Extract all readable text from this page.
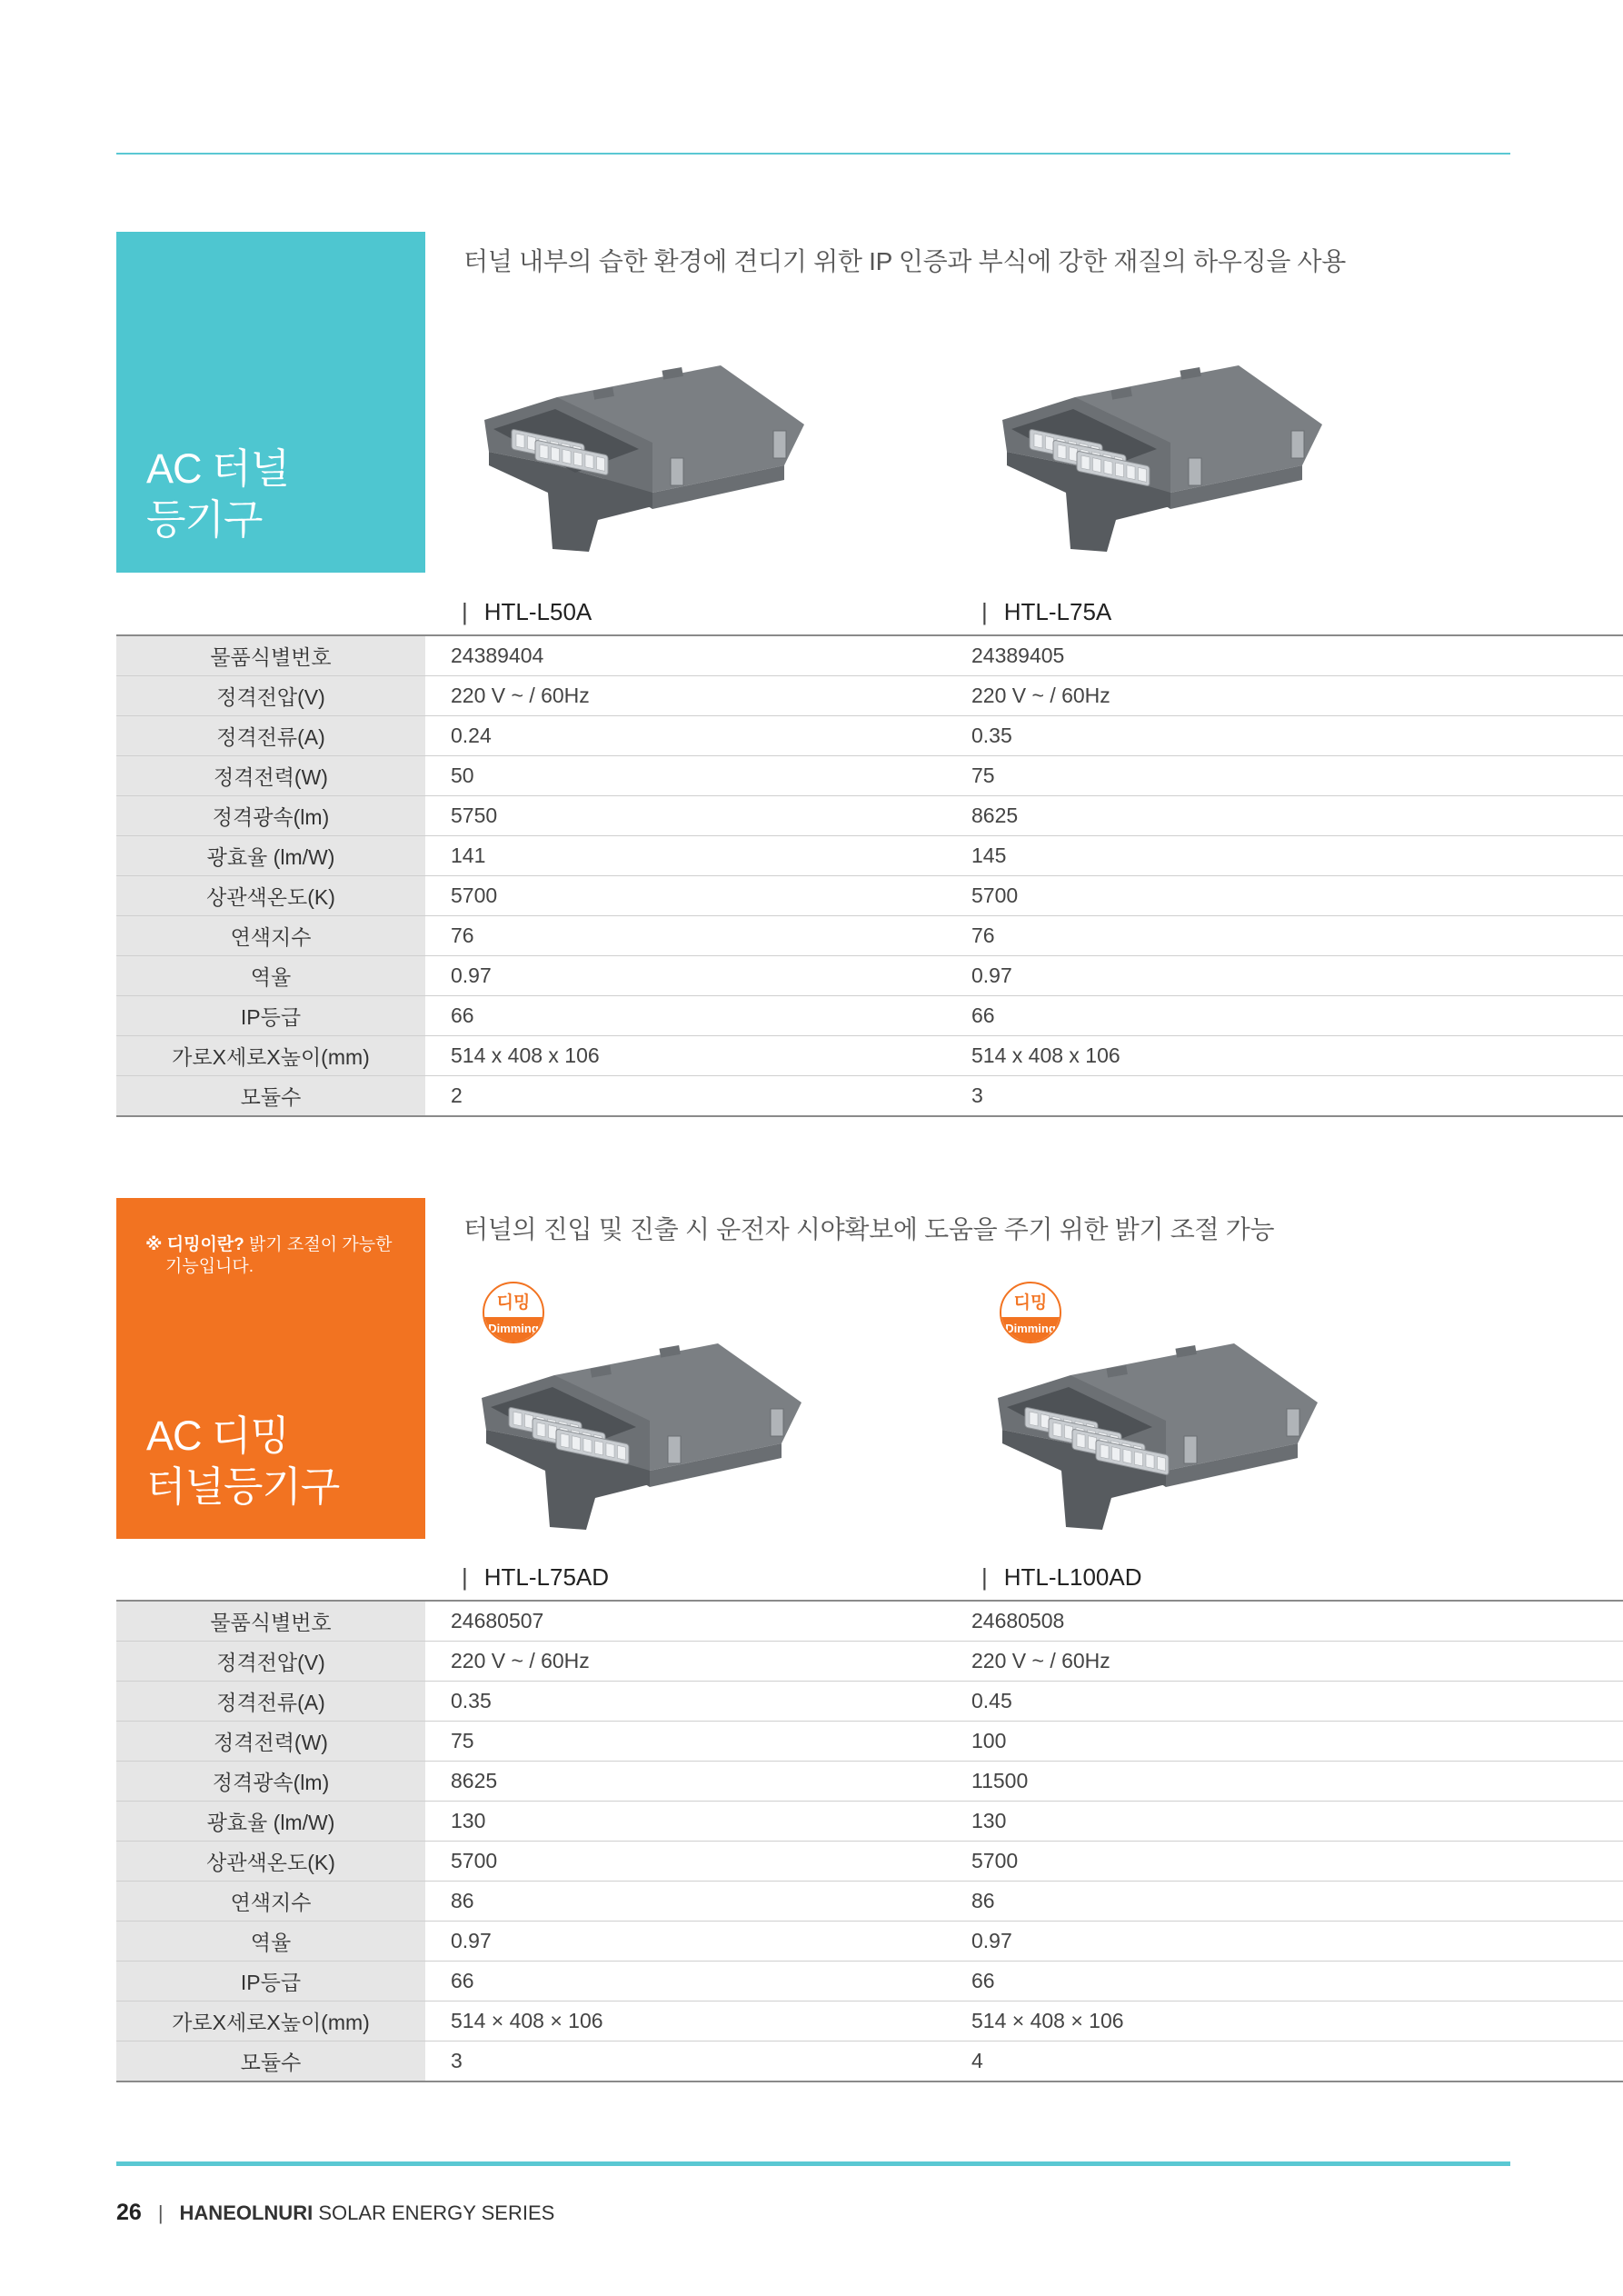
AC 터널
등기구
터널 내부의 습한 환경에 견디기 위한 IP 인증과 부식에 강한 재질의 하우징을 사용
| HTL-L50A	| HTL-L75A
물품식별번호	24389404	24389405
정격전압(V)	220 V ~ / 60Hz	220 V ~ / 60Hz
정격전류(A)	0.24	0.35
정격전력(W)	50	75
정격광속(lm)	5750	8625
광효율 (lm/W)	141	145
상관색온도(K)	5700	5700
연색지수	76	76
역율	0.97	0.97
IP등급	66	66
가로X세로X높이(mm)	514 x 408 x 106	514 x 408 x 106
모듈수	2	3
※ 디밍이란? 밝기 조절이 가능한
기능입니다.
AC 디밍
터널등기구
터널의 진입 및 진출 시 운전자 시야확보에 도움을 주기 위한 밝기 조절 가능
디밍
Dimming
디밍
Dimming
| HTL-L75AD	| HTL-L100AD
물품식별번호	24680507	24680508
정격전압(V)	220 V ~ / 60Hz	220 V ~ / 60Hz
정격전류(A)	0.35	0.45
정격전력(W)	75	100
정격광속(lm)	8625	11500
광효율 (lm/W)	130	130
상관색온도(K)	5700	5700
연색지수	86	86
역율	0.97	0.97
IP등급	66	66
가로X세로X높이(mm)	514 × 408 × 106	514 × 408 × 106
모듈수	3	4
26 | HANEOLNURI SOLAR ENERGY SERIES
